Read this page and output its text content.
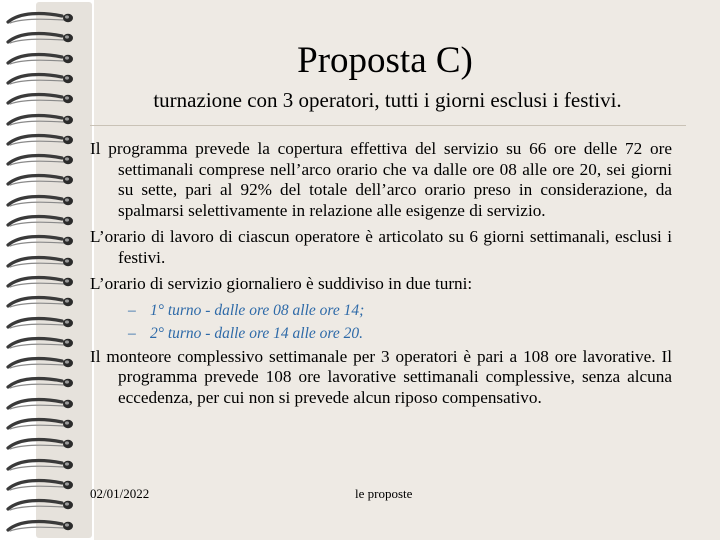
Proposta C)
turnazione con 3 operatori, tutti i giorni esclusi i festivi.

Il programma prevede la copertura effettiva del servizio su 66 ore delle 72 ore settimanali comprese nell’arco orario che va dalle ore 08 alle ore 20, sei giorni su sette, pari al 92% del totale dell’arco orario preso in considerazione, da spalmarsi selettivamente in relazione alle esigenze di servizio.

L’orario di lavoro di ciascun operatore è articolato su 6 giorni settimanali, esclusi i festivi.

L’orario di servizio giornaliero è suddiviso in due turni:

– 1° turno - dalle ore 08 alle ore 14;

– 2° turno - dalle ore 14 alle ore 20.

Il monteore complessivo settimanale per 3 operatori è pari a 108 ore lavorative. Il programma prevede 108 ore lavorative settimanali complessive, senza alcuna eccedenza, per cui non si prevede alcun riposo compensativo.

02/01/2022	le proposte
